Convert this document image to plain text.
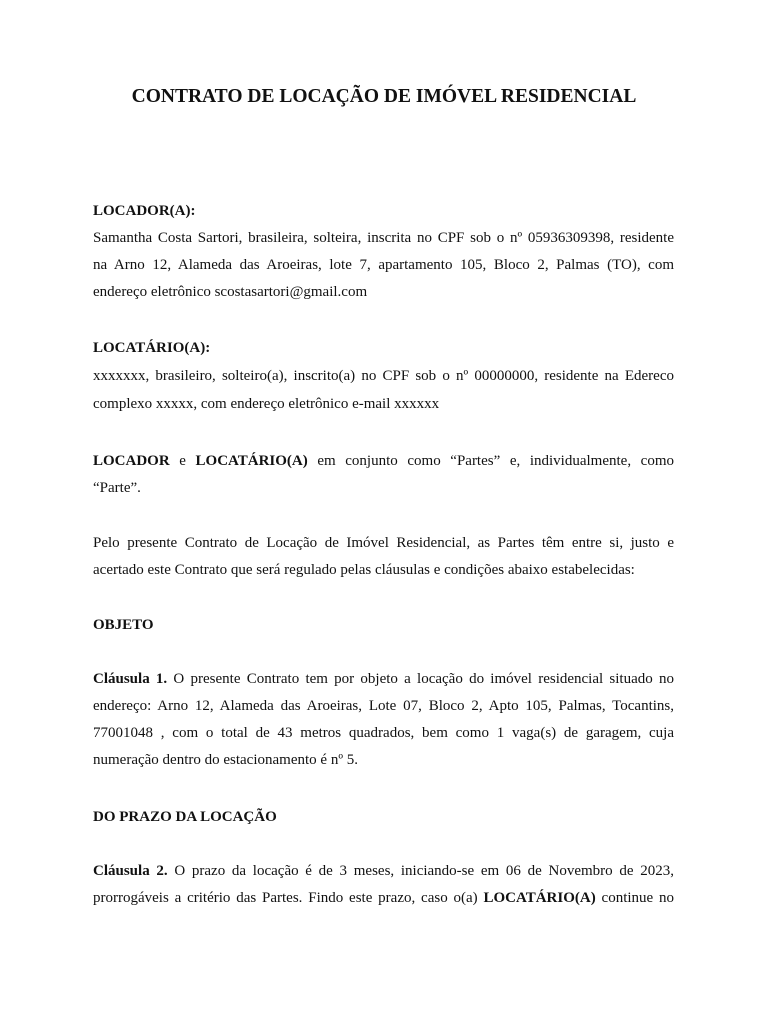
CONTRATO DE LOCAÇÃO DE IMÓVEL RESIDENCIAL
LOCADOR(A):
Samantha Costa Sartori, brasileira, solteira, inscrita no CPF sob o nº 05936309398, residente
na Arno 12, Alameda das Aroeiras, lote 7, apartamento 105, Bloco 2, Palmas (TO), com
endereço eletrônico scostasartori@gmail.com
LOCATÁRIO(A):
xxxxxxx, brasileiro, solteiro(a), inscrito(a) no CPF sob o nº 00000000, residente na Edereco
complexo xxxxx, com endereço eletrônico e-mail xxxxxx
LOCADOR e LOCATÁRIO(A) em conjunto como “Partes” e, individualmente, como
“Parte”.
Pelo presente Contrato de Locação de Imóvel Residencial, as Partes têm entre si, justo e
acertado este Contrato que será regulado pelas cláusulas e condições abaixo estabelecidas:
OBJETO
Cláusula 1. O presente Contrato tem por objeto a locação do imóvel residencial situado no
endereço: Arno 12, Alameda das Aroeiras, Lote 07, Bloco 2, Apto 105, Palmas, Tocantins,
77001048 , com o total de 43 metros quadrados, bem como 1 vaga(s) de garagem, cuja
numeração dentro do estacionamento é nº 5.
DO PRAZO DA LOCAÇÃO
Cláusula 2. O prazo da locação é de 3 meses, iniciando-se em 06 de Novembro de 2023,
prorrogáveis a critério das Partes. Findo este prazo, caso o(a) LOCATÁRIO(A) continue no
